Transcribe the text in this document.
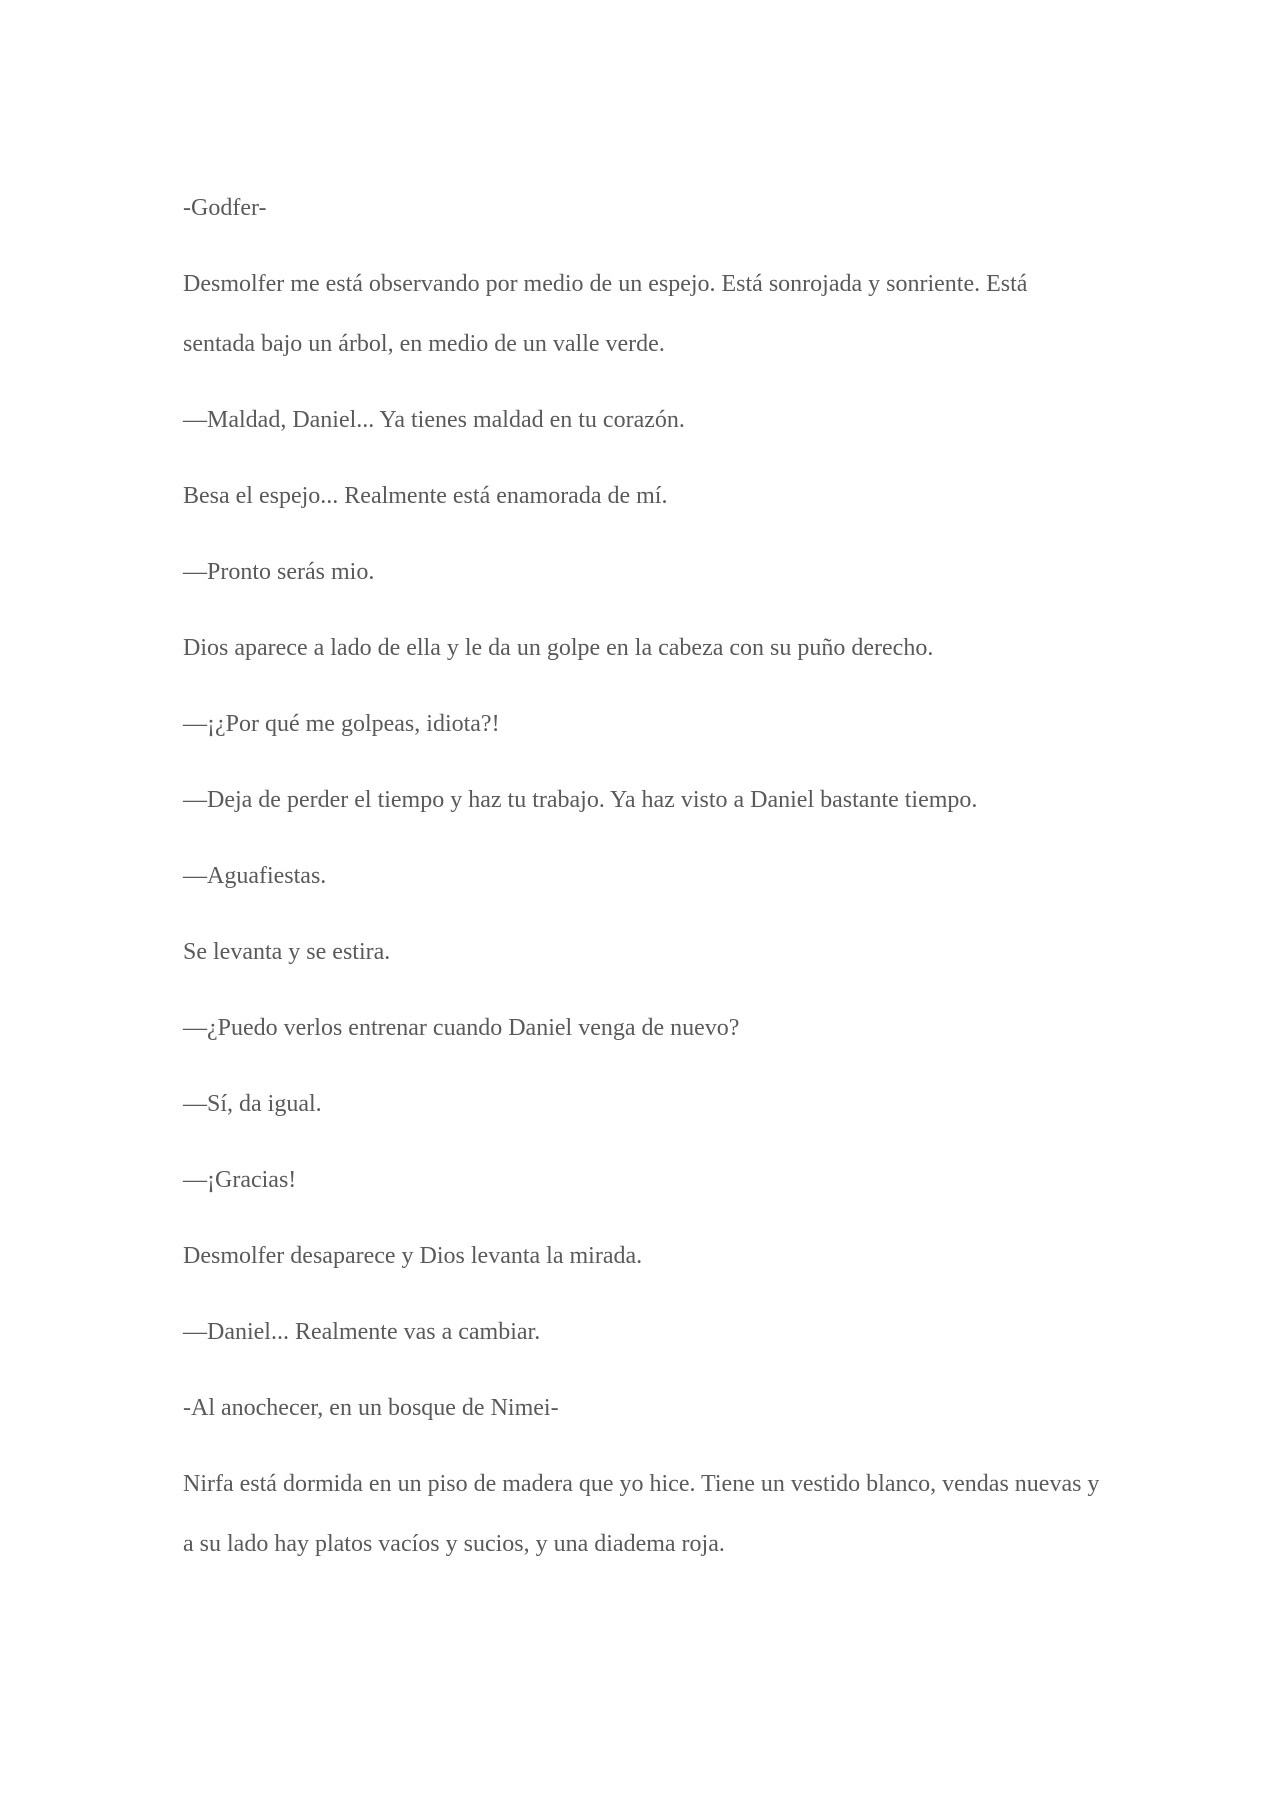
-Godfer-

Desmolfer me está observando por medio de un espejo. Está sonrojada y sonriente. Está sentada bajo un árbol, en medio de un valle verde.

—Maldad, Daniel... Ya tienes maldad en tu corazón.

Besa el espejo... Realmente está enamorada de mí.

—Pronto serás mio.

Dios aparece a lado de ella y le da un golpe en la cabeza con su puño derecho.

—¡¿Por qué me golpeas, idiota?!

—Deja de perder el tiempo y haz tu trabajo. Ya haz visto a Daniel bastante tiempo.

—Aguafiestas.

Se levanta y se estira.

—¿Puedo verlos entrenar cuando Daniel venga de nuevo?

—Sí, da igual.

—¡Gracias!

Desmolfer desaparece y Dios levanta la mirada.

—Daniel... Realmente vas a cambiar.

-Al anochecer, en un bosque de Nimei-

Nirfa está dormida en un piso de madera que yo hice. Tiene un vestido blanco, vendas nuevas y a su lado hay platos vacíos y sucios, y una diadema roja.
